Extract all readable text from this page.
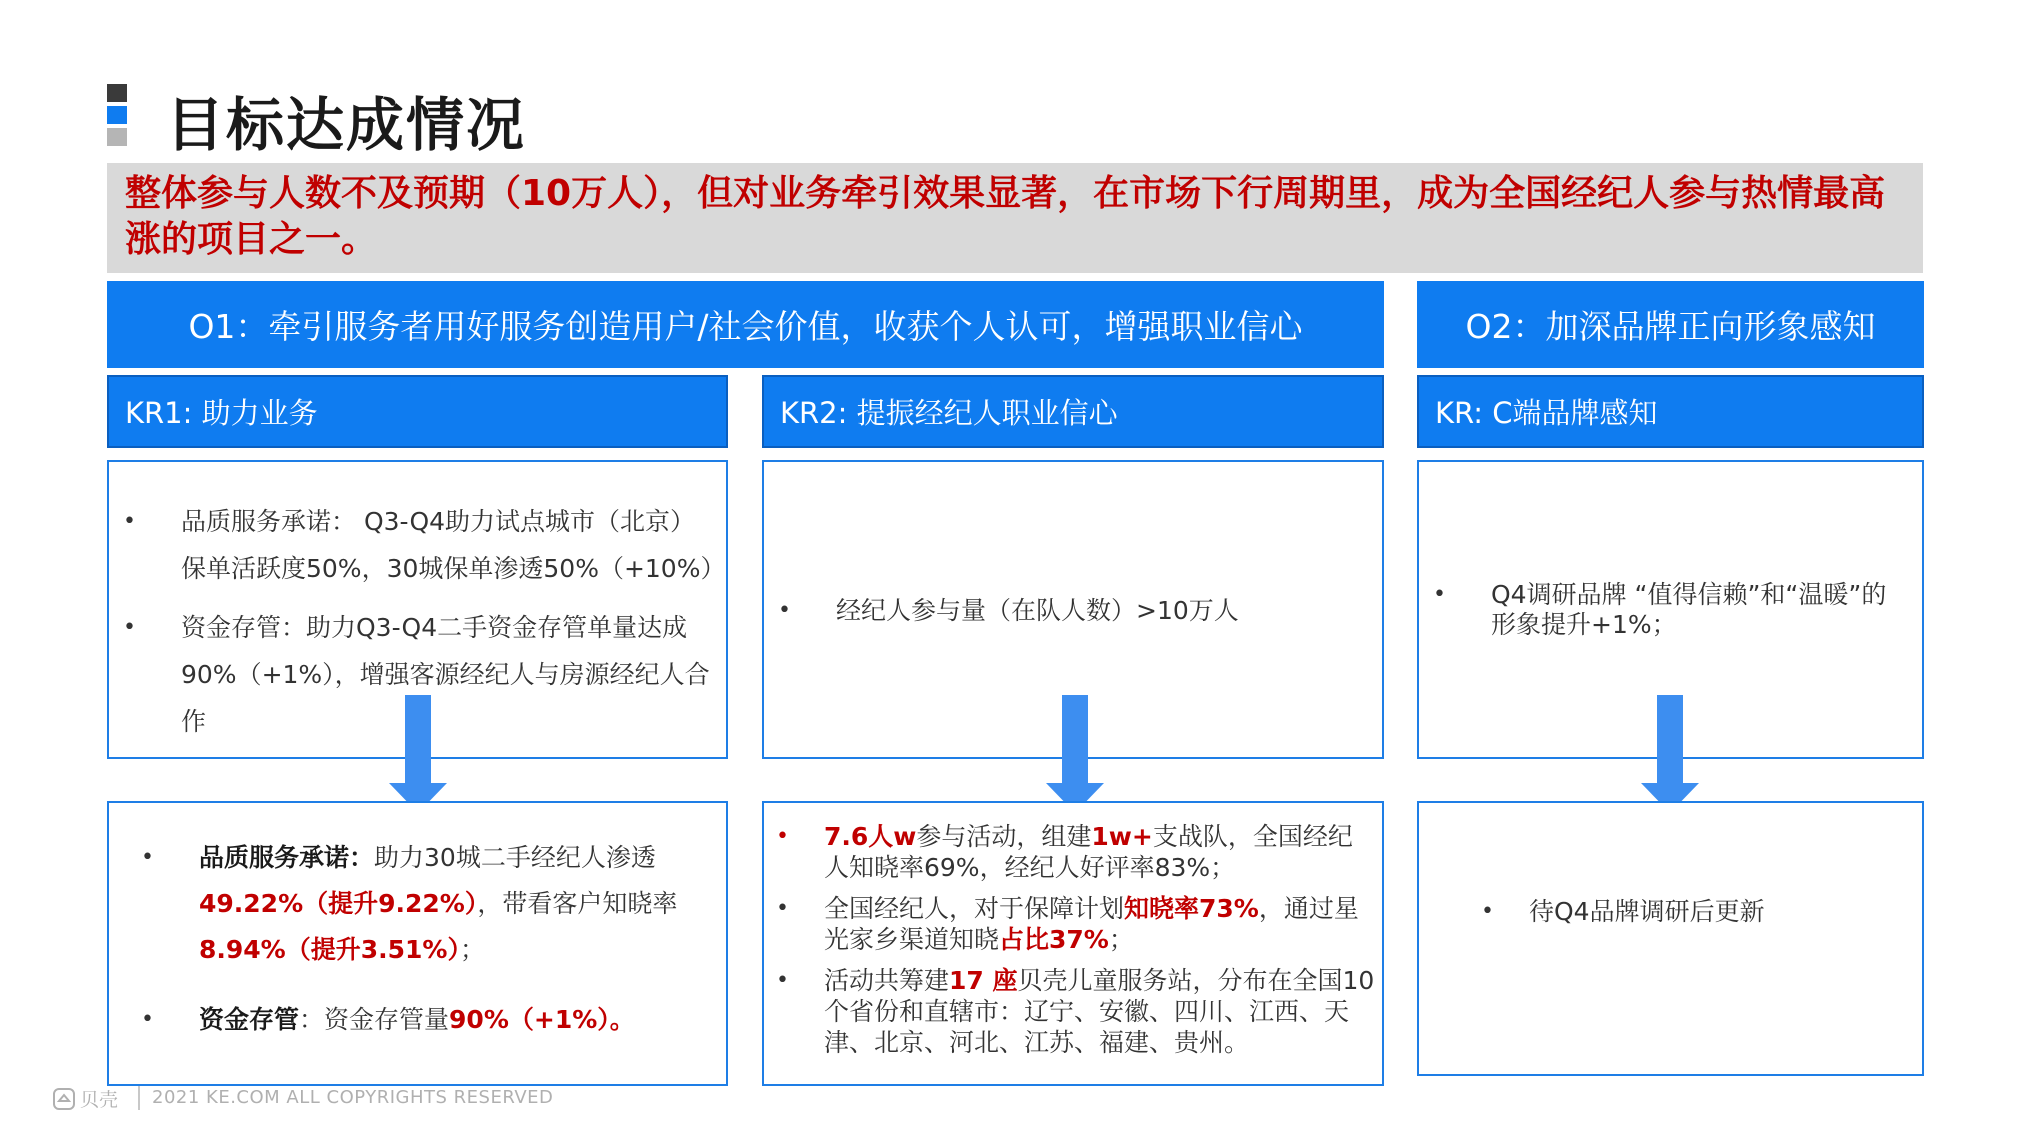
目标达成情况
整体参与人数不及预期（10万人），但对业务牵引效果显著，在市场下行周期里，成为全国经纪人参与热情最高涨的项目之一。
O1：牵引服务者用好服务创造用户/社会价值，收获个人认可，增强职业信心	O2：加深品牌正向形象感知
KR1: 助力业务	KR2: 提振经纪人职业信心	KR: C端品牌感知
• 品质服务承诺： Q3-Q4助力试点城市（北京）保单活跃度50%，30城保单渗透50%（+10%）
• 资金存管：助力Q3-Q4二手资金存管单量达成90%（+1%），增强客源经纪人与房源经纪人合作
• 经纪人参与量（在队人数）>10万人
• Q4调研品牌 “值得信赖”和“温暖”的形象提升+1%；
• 品质服务承诺：助力30城二手经纪人渗透49.22%（提升9.22%），带看客户知晓率8.94%（提升3.51%）；
• 资金存管：资金存管量90%（+1%）。
• 7.6人w参与活动，组建1w+支战队，全国经纪人知晓率69%，经纪人好评率83%；
• 全国经纪人，对于保障计划知晓率73%，通过星光家乡渠道知晓占比37%；
• 活动共筹建17 座贝壳儿童服务站，分布在全国10个省份和直辖市：辽宁、安徽、四川、江西、天津、北京、河北、江苏、福建、贵州。
• 待Q4品牌调研后更新
贝壳 2021 KE.COM ALL COPYRIGHTS RESERVED
